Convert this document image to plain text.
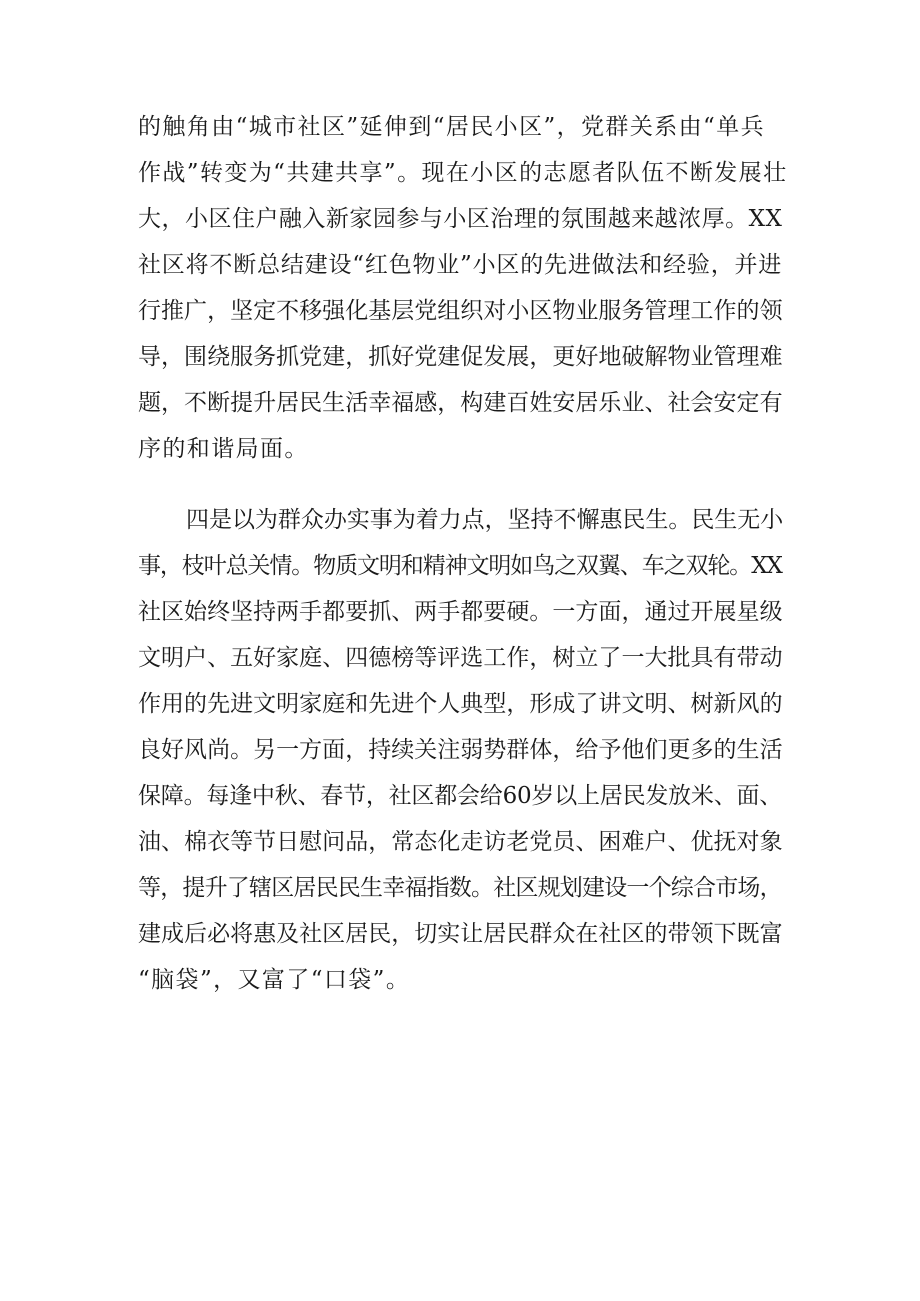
的触角由“城市社区”延伸到“居民小区”，党群关系由“单兵
作战”转变为“共建共享”。现在小区的志愿者队伍不断发展壮
大，小区住户融入新家园参与小区治理的氛围越来越浓厚。XX
社区将不断总结建设“红色物业”小区的先进做法和经验，并进
行推广，坚定不移强化基层党组织对小区物业服务管理工作的领
导，围绕服务抓党建，抓好党建促发展，更好地破解物业管理难
题，不断提升居民生活幸福感，构建百姓安居乐业、社会安定有
序的和谐局面。
四是以为群众办实事为着力点，坚持不懈惠民生。民生无小
事，枝叶总关情。物质文明和精神文明如鸟之双翼、车之双轮。XX
社区始终坚持两手都要抓、两手都要硬。一方面，通过开展星级
文明户、五好家庭、四德榜等评选工作，树立了一大批具有带动
作用的先进文明家庭和先进个人典型，形成了讲文明、树新风的
良好风尚。另一方面，持续关注弱势群体，给予他们更多的生活
保障。每逢中秋、春节，社区都会给60岁以上居民发放米、面、
油、棉衣等节日慰问品，常态化走访老党员、困难户、优抚对象
等，提升了辖区居民民生幸福指数。社区规划建设一个综合市场，
建成后必将惠及社区居民，切实让居民群众在社区的带领下既富
“脑袋”，又富了“口袋”。
